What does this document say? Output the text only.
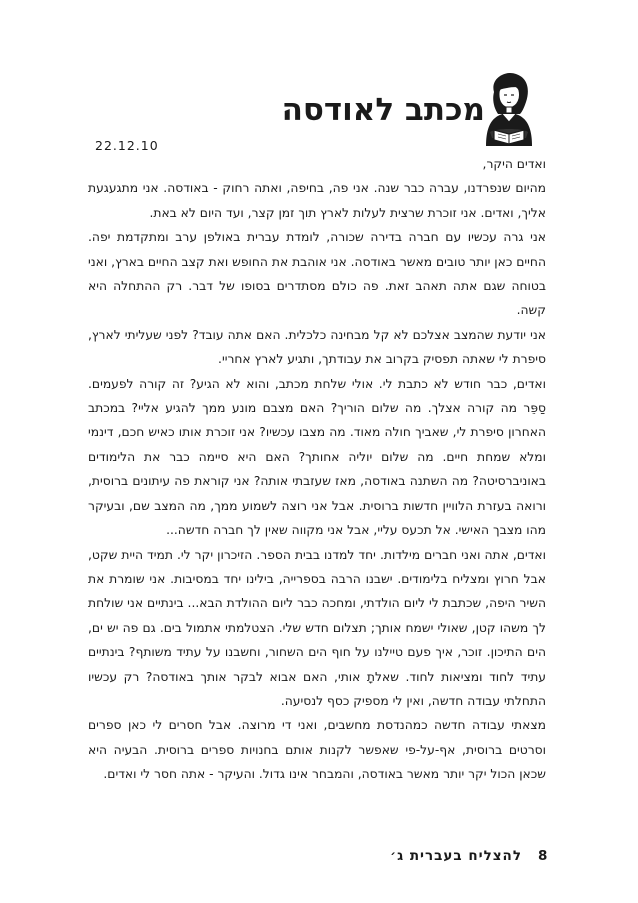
מכתב לאודסה
22.12.10

ואדים היקר,

מהיום שנפרדנו, עברה כבר שנה. אני פה, בחיפה, ואתה רחוק - באודסה. אני מתגעגעת אליך, ואדים. אני זוכרת שרצית לעלות לארץ תוך זמן קצר, ועד היום לא באת.

אני גרה עכשיו עם חברה בדירה שכורה, לומדת עברית באולפן ערב ומתקדמת יפה. החיים כאן יותר טובים מאשר באודסה. אני אוהבת את החופש ואת קצב החיים בארץ, ואני בטוחה שגם אתה תאהב זאת. פה כולם מסתדרים בסופו של דבר. רק ההתחלה היא קשה.

אני יודעת שהמצב אצלכם לא קל מבחינה כלכלית. האם אתה עובד? לפני שעליתי לארץ, סיפרת לי שאתה תפסיק בקרוב את עבודתך, ותגיע לארץ אחריי.

ואדים, כבר חודש לא כתבת לי. אולי שלחת מכתב, והוא לא הגיע? זה קורה לפעמים. סַפֵּר מה קורה אצלך. מה שלום הוריך? האם מצבם מונע ממך להגיע אליי? במכתב האחרון סיפרת לי, שאביך חולה מאוד. מה מצבו עכשיו? אני זוכרת אותו כאיש חכם, דינמי ומלא שמחת חיים. מה שלום יוליה אחותך? האם היא סיימה כבר את הלימודים באוניברסיטה? מה השתנה באודסה, מאז שעזבתי אותה? אני קוראת פה עיתונים ברוסית, ורואה בעזרת הלוויין חדשות ברוסית. אבל אני רוצה לשמוע ממך, מה המצב שם, ובעיקר מהו מצבך האישי. אל תכעס עליי, אבל אני מקווה שאין לך חברה חדשה...

ואדים, אתה ואני חברים מילדות. יחד למדנו בבית הספר. הזיכרון יקר לי. תמיד היית שקט, אבל חרוץ ומצליח בלימודים. ישבנו הרבה בספרייה, בילינו יחד במסיבות. אני שומרת את השיר היפה, שכתבת לי ליום הולדתי, ומחכה כבר ליום ההולדת הבא... בינתיים אני שולחת לך משהו קטן, שאולי ישמח אותך; תצלום חדש שלי. הצטלמתי אתמול בים. גם פה יש ים, הים התיכון. זוכר, איך פעם טיילנו על חוף הים השחור, וחשבנו על עתיד משותף? בינתיים עתיד לחוד ומציאות לחוד. שאלתָ אותי, האם אבוא לבקר אותך באודסה? רק עכשיו התחלתי עבודה חדשה, ואין לי מספיק כסף לנסיעה.

מצאתי עבודה חדשה כמהנדסת מחשבים, ואני די מרוצה. אבל חסרים לי כאן ספרים וסרטים ברוסית, אף-על-פי שאפשר לקנות אותם בחנויות ספרים ברוסית. הבעיה היא שכאן הכול יקר יותר מאשר באודסה, והמבחר אינו גדול. והעיקר - אתה חסר לי ואדים.

8
להצליח בעברית ג׳
